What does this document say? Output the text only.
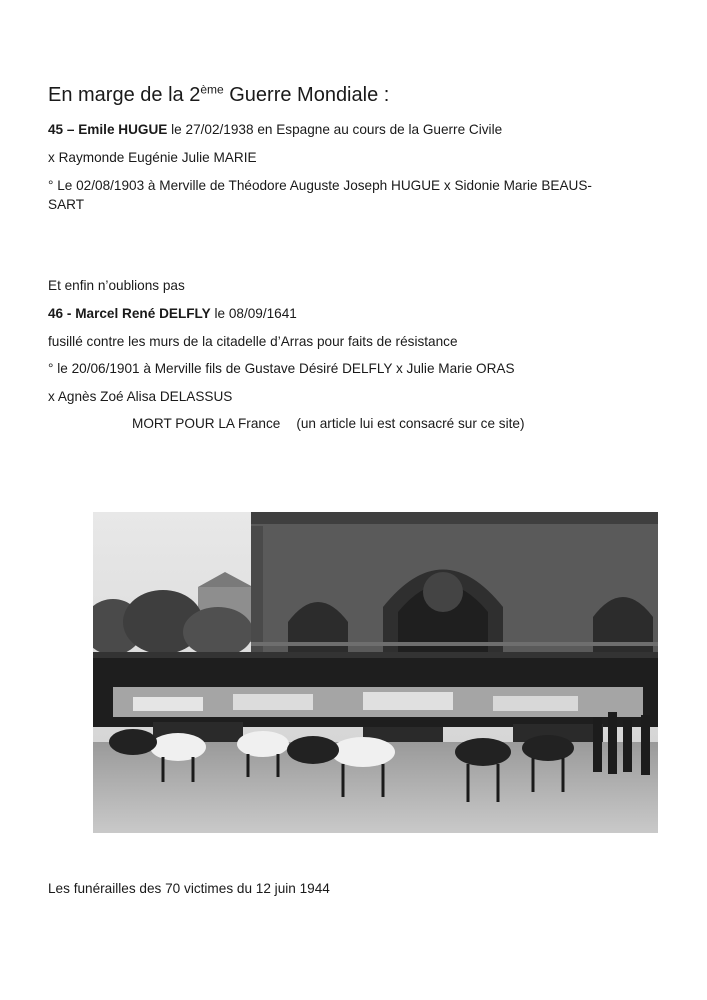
En marge de la 2ème Guerre Mondiale :
45 – Emile HUGUE le 27/02/1938 en Espagne au cours de la Guerre Civile
x Raymonde Eugénie Julie MARIE
° Le 02/08/1903 à Merville de Théodore Auguste Joseph HUGUE x Sidonie Marie BEAUS-
SART
Et enfin n’oublions pas
46 - Marcel René DELFLY le 08/09/1641
fusillé contre les murs de la citadelle d’Arras pour faits de résistance
° le 20/06/1901 à Merville fils de Gustave Désiré DELFLY x Julie Marie ORAS
x Agnès Zoé Alisa DELASSUS
MORT POUR LA France (un article lui est consacré sur ce site)
Les funérailles des 70 victimes du 12 juin 1944
